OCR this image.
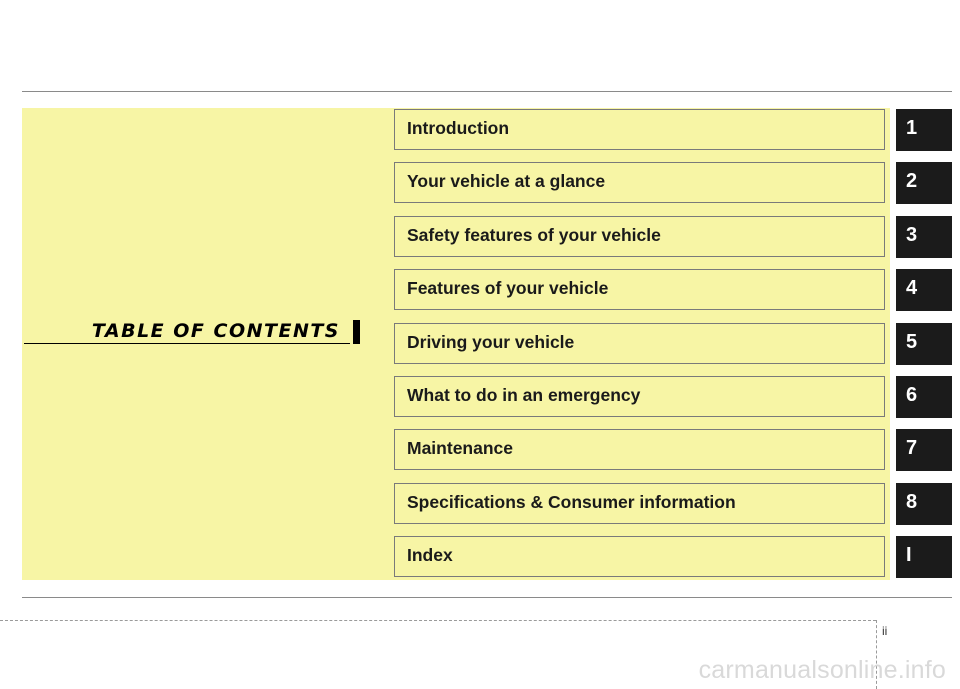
TABLE OF CONTENTS
Introduction	1
Your vehicle at a glance	2
Safety features of your vehicle	3
Features of your vehicle	4
Driving your vehicle	5
What to do in an emergency	6
Maintenance	7
Specifications & Consumer information	8
Index	I
ii
carmanualsonline.info
